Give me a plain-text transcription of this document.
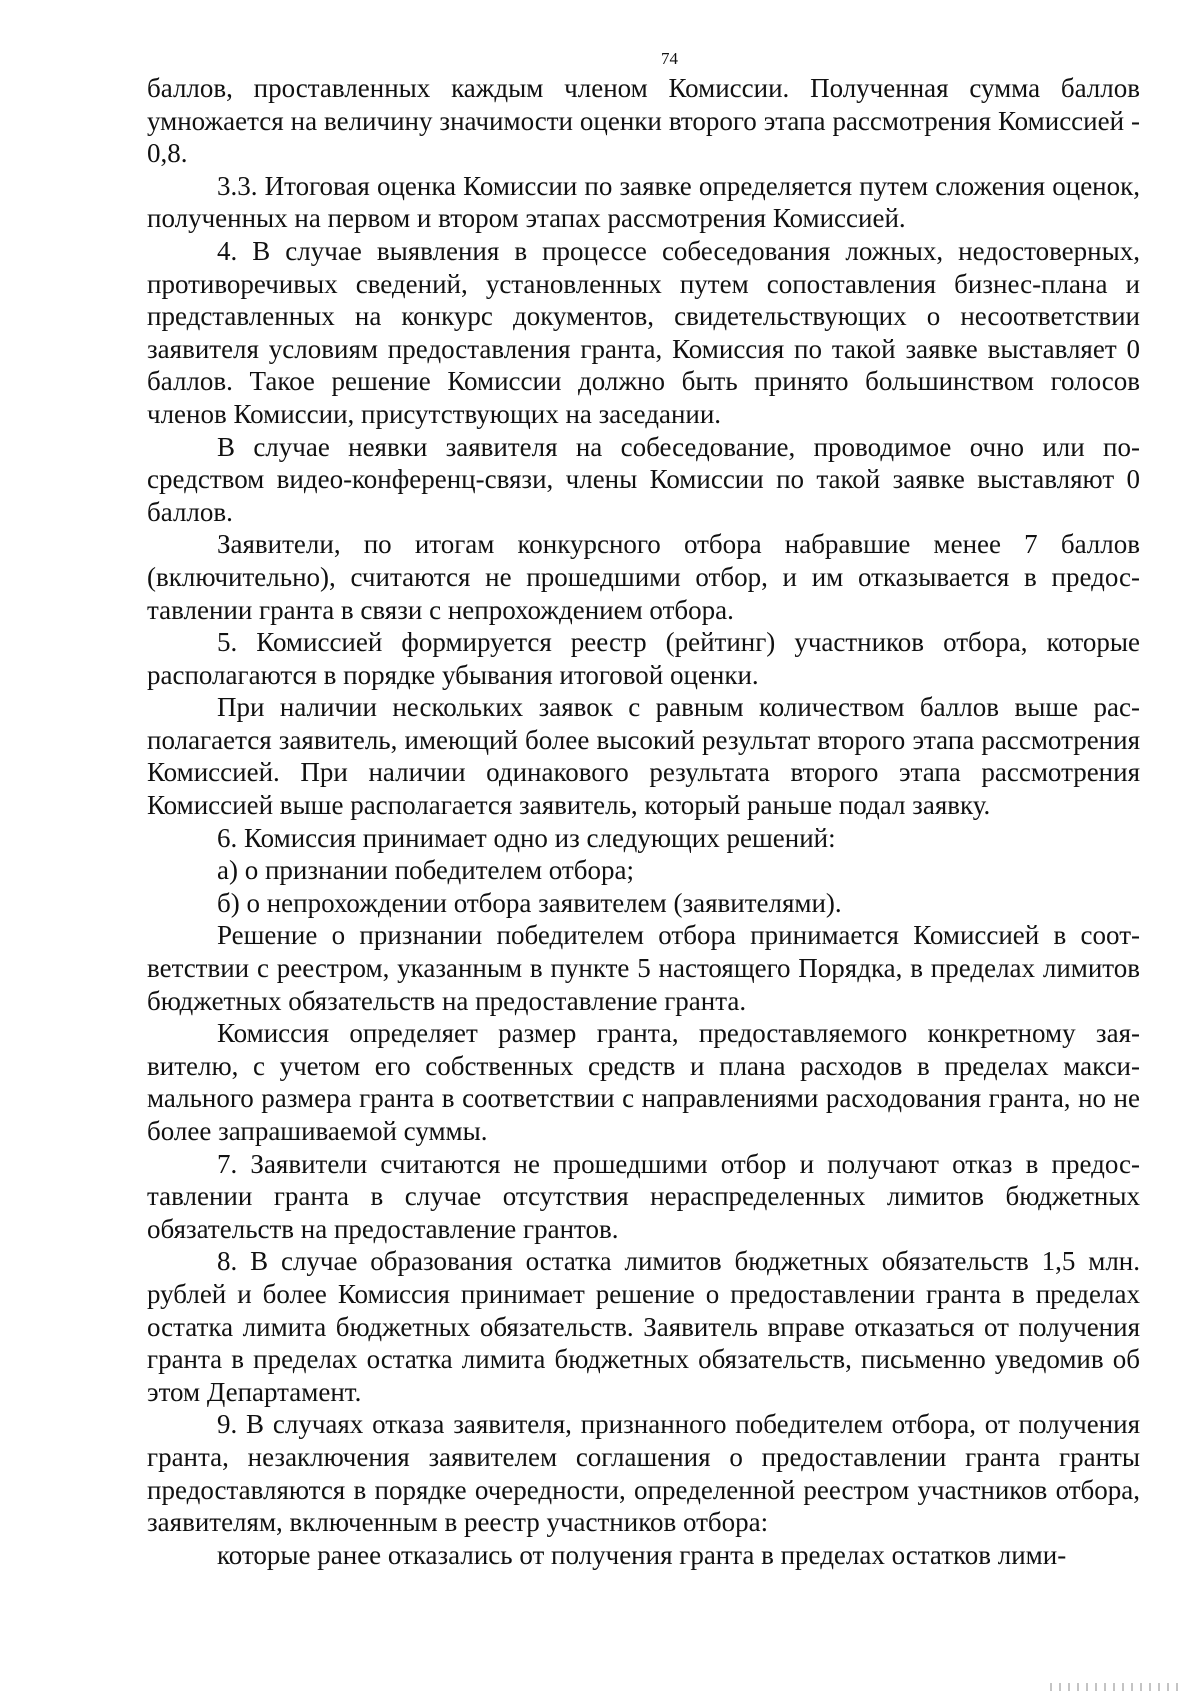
74

баллов, проставленных каждым членом Комиссии. Полученная сумма баллов умножается на величину значимости оценки второго этапа рассмотрения Комиссией - 0,8.

3.3. Итоговая оценка Комиссии по заявке определяется путем сложения оценок, полученных на первом и втором этапах рассмотрения Комиссией.

4. В случае выявления в процессе собеседования ложных, недостоверных, противоречивых сведений, установленных путем сопоставления бизнес-плана и представленных на конкурс документов, свидетельствующих о несоответствии заявителя условиям предоставления гранта, Комиссия по такой заявке выставляет 0 баллов. Такое решение Комиссии должно быть принято большинством голосов членов Комиссии, присутствующих на заседании.

В случае неявки заявителя на собеседование, проводимое очно или посредством видео-конференц-связи, члены Комиссии по такой заявке выставляют 0 баллов.

Заявители, по итогам конкурсного отбора набравшие менее 7 баллов (включительно), считаются не прошедшими отбор, и им отказывается в предоставлении гранта в связи с непрохождением отбора.

5. Комиссией формируется реестр (рейтинг) участников отбора, которые располагаются в порядке убывания итоговой оценки.

При наличии нескольких заявок с равным количеством баллов выше располагается заявитель, имеющий более высокий результат второго этапа рассмотрения Комиссией. При наличии одинакового результата второго этапа рассмотрения Комиссией выше располагается заявитель, который раньше подал заявку.

6. Комиссия принимает одно из следующих решений:

а) о признании победителем отбора;

б) о непрохождении отбора заявителем (заявителями).

Решение о признании победителем отбора принимается Комиссией в соответствии с реестром, указанным в пункте 5 настоящего Порядка, в пределах лимитов бюджетных обязательств на предоставление гранта.

Комиссия определяет размер гранта, предоставляемого конкретному заявителю, с учетом его собственных средств и плана расходов в пределах максимального размера гранта в соответствии с направлениями расходования гранта, но не более запрашиваемой суммы.

7. Заявители считаются не прошедшими отбор и получают отказ в предоставлении гранта в случае отсутствия нераспределенных лимитов бюджетных обязательств на предоставление грантов.

8. В случае образования остатка лимитов бюджетных обязательств 1,5 млн. рублей и более Комиссия принимает решение о предоставлении гранта в пределах остатка лимита бюджетных обязательств. Заявитель вправе отказаться от получения гранта в пределах остатка лимита бюджетных обязательств, письменно уведомив об этом Департамент.

9. В случаях отказа заявителя, признанного победителем отбора, от получения гранта, незаключения заявителем соглашения о предоставлении гранта гранты предоставляются в порядке очередности, определенной реестром участников отбора, заявителям, включенным в реестр участников отбора:

которые ранее отказались от получения гранта в пределах остатков лими-
